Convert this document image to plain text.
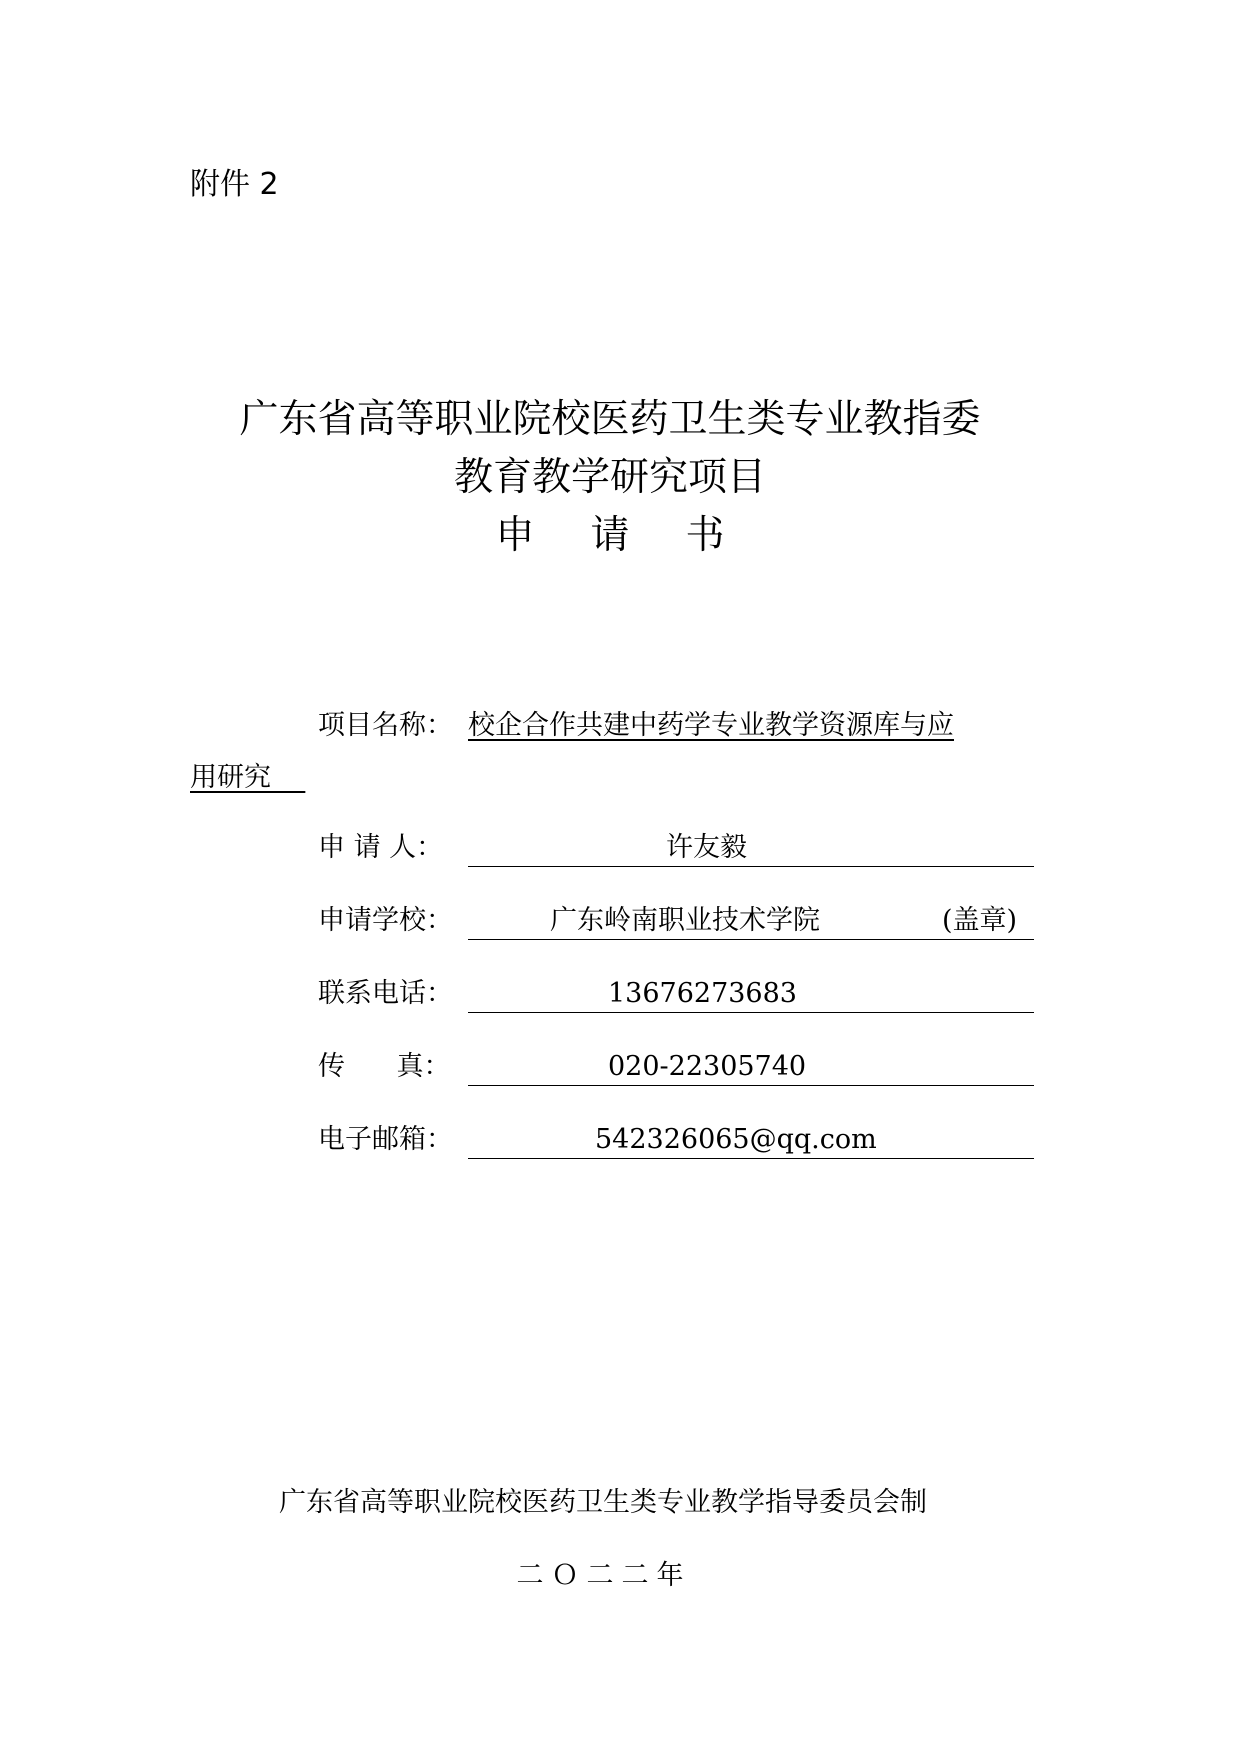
附件 2
广东省高等职业院校医药卫生类专业教指委
教育教学研究项目
申 请 书
项目名称： 校企合作共建中药学专业教学资源库与应
用研究
申 请 人：	许友毅
申请学校：	广东岭南职业技术学院	(盖章)
联系电话：	13676273683
传      真：	020-22305740
电子邮箱：	542326065@qq.com
广东省高等职业院校医药卫生类专业教学指导委员会制
二Ｏ二二年
